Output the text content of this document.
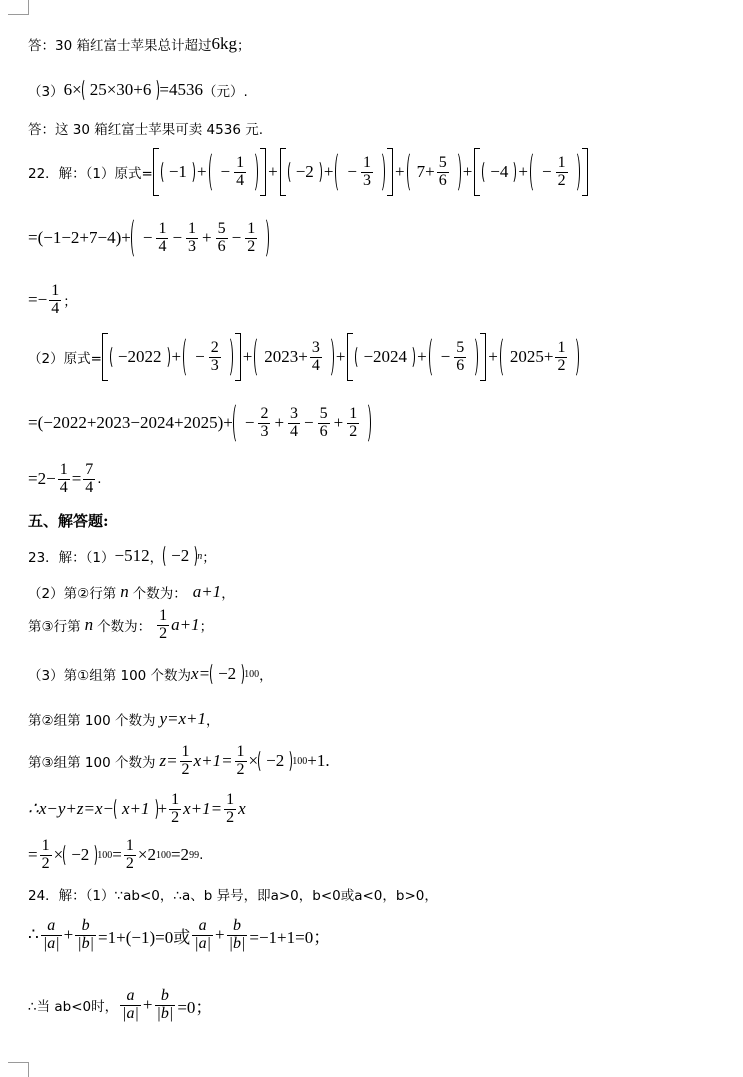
答：30 箱红富士苹果总计超过 6kg ；
（3） 6× 25×30+6 =4536 （元）.
答：这 30 箱红富士苹果可卖 4536 元.
22．解：（1）原式= −1 + − $\frac{1}{4} + -2$ + − $\frac{1}{3} + 7+ \frac{5}{6} + -4$ + − $\frac{1}{2}$
$=(-1-2+7-4)+ - \frac{1}{4} - \frac{1}{3} + \frac{5}{6} - \frac{1}{2}$
=− $\frac{1}{4}$ ；
（2）原式= −2022 + − $\frac{2}{3} + 2023+ \frac{3}{4} + -2024$ + − $\frac{5}{6} + 2025+ \frac{1}{2}$
$=(-2022+2023-2024+2025)+ - \frac{2}{3} + \frac{3}{4} - \frac{5}{6} + \frac{1}{2}$
$=2- \frac{1}{4} = \frac{7}{4}$ .
五、解答题:
23．解：（1） −512 ， −2 n ；
（2）第②行第 n 个数为： a+1 ，
第③行第 n 个数为： $\frac{1}{2} a+1$ ；
（3）第①组第 100 个数为 x= −2 100 ，
第②组第 100 个数为 y=x+1 ，
第③组第 100 个数为 $z= \frac{1}{2} x+1= \frac{1}{2} \times -2$ 100 +1.
∴x−y+z=x− $x+1 + \frac{1}{2} x+1= \frac{1}{2}$ x
= $\frac{1}{2} \times -2$ $100 = \frac{1}{2} \times 2$ 100 =2 99 .
24．解：（1）∵ab<0，∴a、b 异号，即a>0，b<0或a<0，b>0，
∴ $\frac{a}{|a|} + \frac{b}{|b|} =1+(-1)=0$或 $\frac{a}{|a|} + \frac{b}{|b|} =-1+1=0$；
∴当 ab<0时， $\frac{a}{|a|} + \frac{b}{|b|} =0$；
